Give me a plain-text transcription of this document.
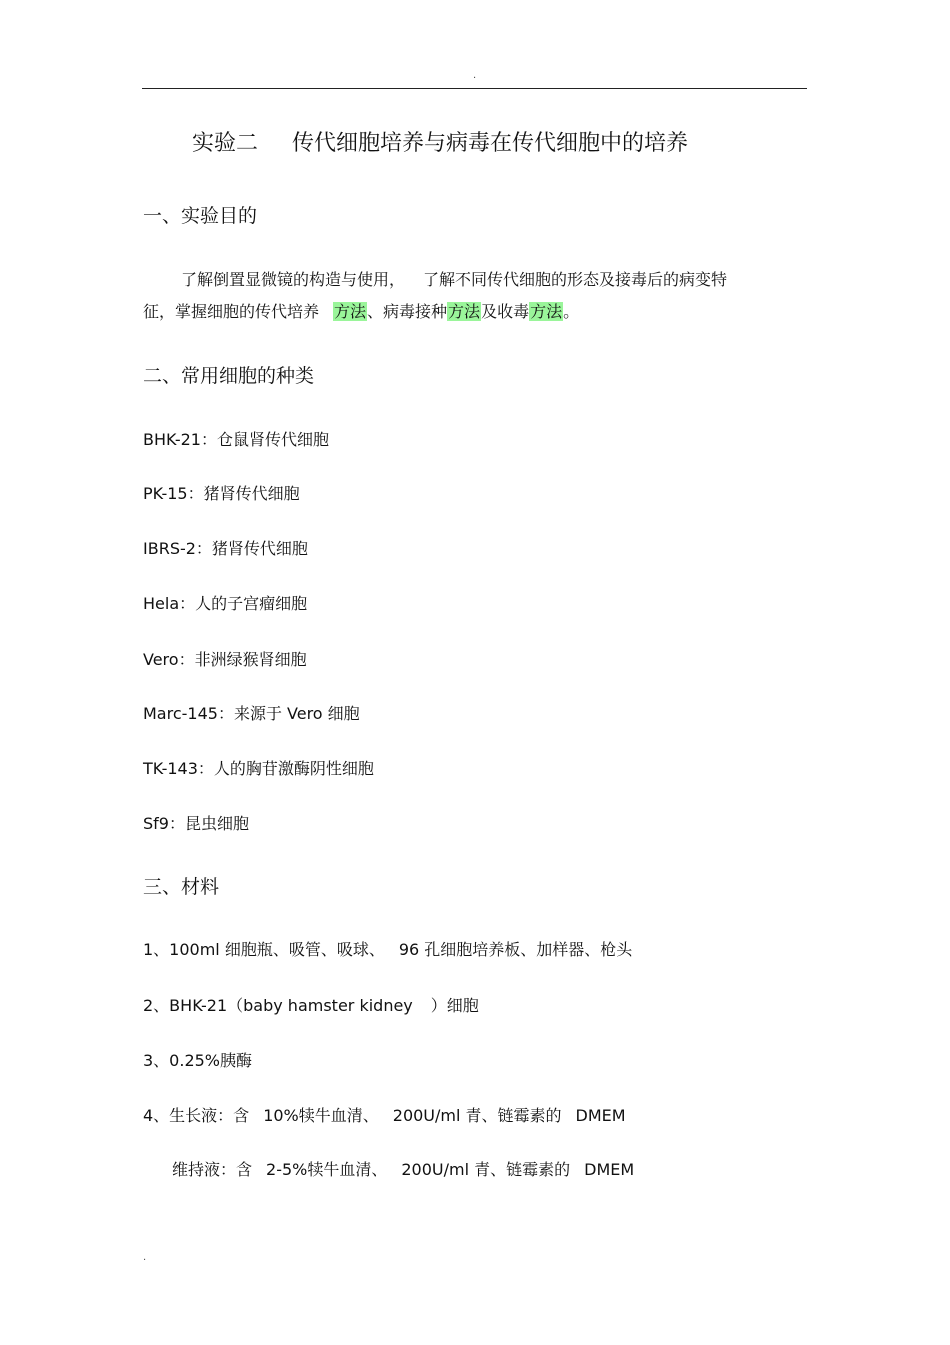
.
实验二 传代细胞培养与病毒在传代细胞中的培养
一、实验目的
了解倒置显微镜的构造与使用， 了解不同传代细胞的形态及接毒后的病变特
征，掌握细胞的传代培养 方法、病毒接种方法及收毒方法。
二、常用细胞的种类
BHK-21：仓鼠肾传代细胞
PK-15：猪肾传代细胞
IBRS-2：猪肾传代细胞
Hela：人的子宫瘤细胞
Vero：非洲绿猴肾细胞
Marc-145：来源于 Vero 细胞
TK-143：人的胸苷激酶阴性细胞
Sf9：昆虫细胞
三、材料
1、100ml 细胞瓶、吸管、吸球、 96 孔细胞培养板、加样器、枪头
2、BHK-21（baby hamster kidney ）细胞
3、0.25%胰酶
4、生长液：含 10%犊牛血清、 200U/ml 青、链霉素的 DMEM
维持液：含 2-5%犊牛血清、 200U/ml 青、链霉素的 DMEM
.
